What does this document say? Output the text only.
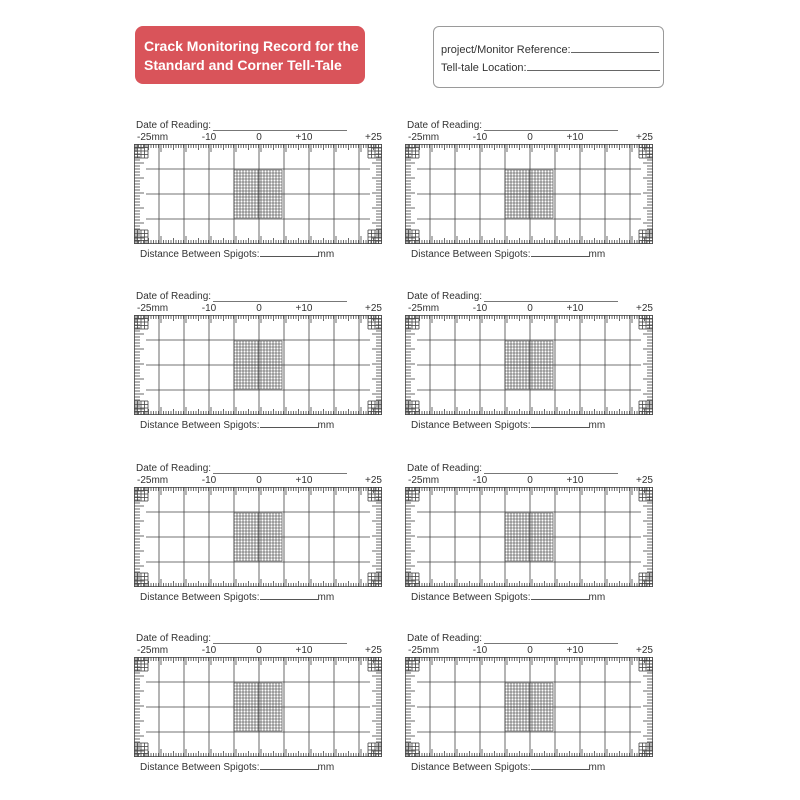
Crack Monitoring Record for the
Standard and Corner Tell-Tale
project/Monitor Reference:
Tell-tale Location:
Date of Reading:
-25mm	-10	0	+10	+25
Distance Between Spigots:	mm
Date of Reading:
-25mm	-10	0	+10	+25
Distance Between Spigots:	mm
Date of Reading:
-25mm	-10	0	+10	+25
Distance Between Spigots:	mm
Date of Reading:
-25mm	-10	0	+10	+25
Distance Between Spigots:	mm
Date of Reading:
-25mm	-10	0	+10	+25
Distance Between Spigots:	mm
Date of Reading:
-25mm	-10	0	+10	+25
Distance Between Spigots:	mm
Date of Reading:
-25mm	-10	0	+10	+25
Distance Between Spigots:	mm
Date of Reading:
-25mm	-10	0	+10	+25
Distance Between Spigots:	mm
